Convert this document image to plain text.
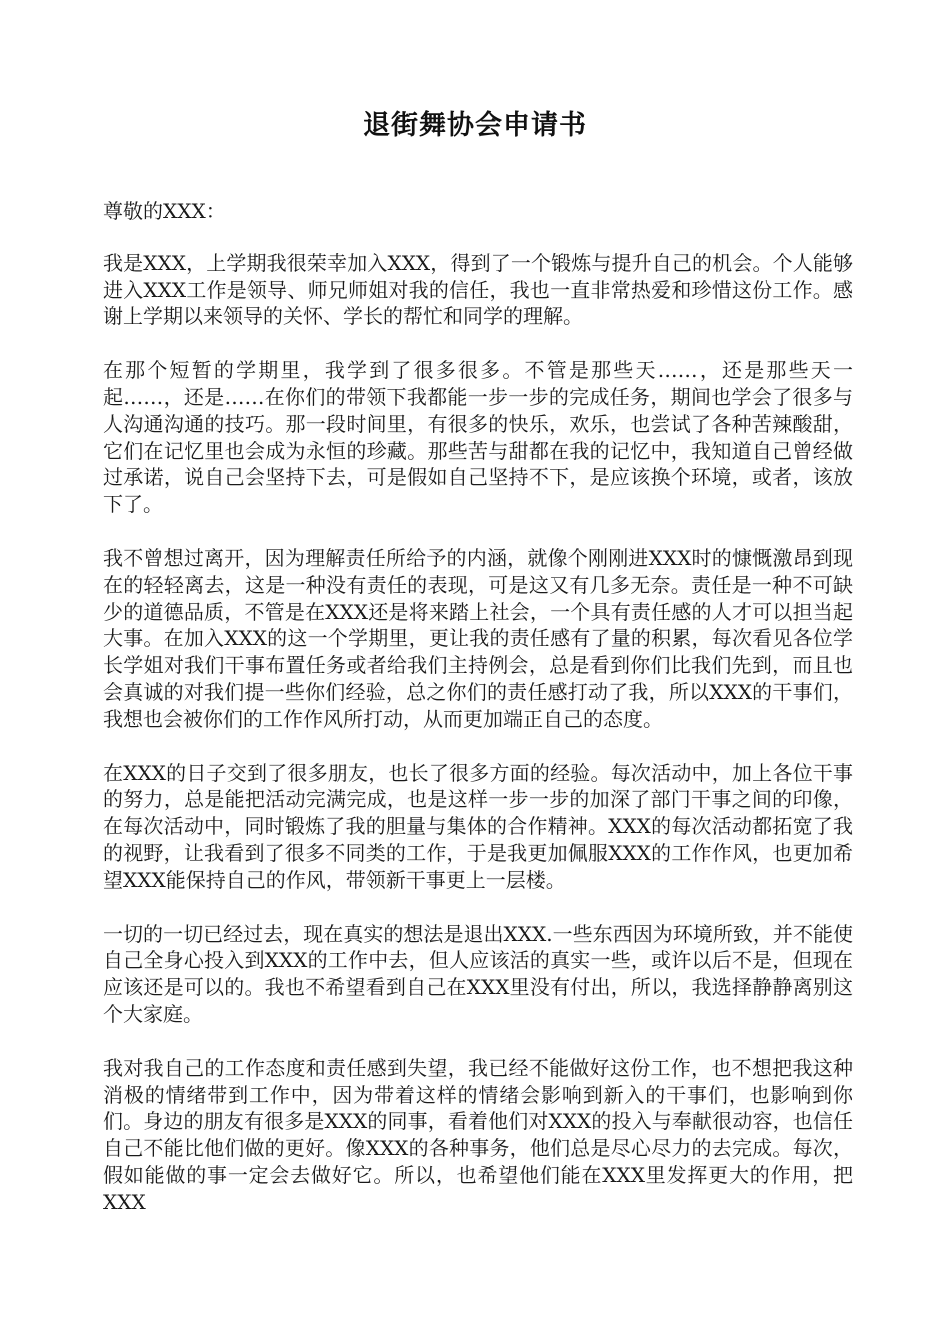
退街舞协会申请书

尊敬的XXX：

我是XXX，上学期我很荣幸加入XXX，得到了一个锻炼与提升自己的机会。个人能够进入XXX工作是领导、师兄师姐对我的信任，我也一直非常热爱和珍惜这份工作。感谢上学期以来领导的关怀、学长的帮忙和同学的理解。

在那个短暂的学期里，我学到了很多很多。不管是那些天……，还是那些天一起……，还是……在你们的带领下我都能一步一步的完成任务，期间也学会了很多与人沟通沟通的技巧。那一段时间里，有很多的快乐，欢乐，也尝试了各种苦辣酸甜，它们在记忆里也会成为永恒的珍藏。那些苦与甜都在我的记忆中，我知道自己曾经做过承诺，说自己会坚持下去，可是假如自己坚持不下，是应该换个环境，或者，该放下了。

我不曾想过离开，因为理解责任所给予的内涵，就像个刚刚进XXX时的慷慨激昂到现在的轻轻离去，这是一种没有责任的表现，可是这又有几多无奈。责任是一种不可缺少的道德品质，不管是在XXX还是将来踏上社会，一个具有责任感的人才可以担当起大事。在加入XXX的这一个学期里，更让我的责任感有了量的积累，每次看见各位学长学姐对我们干事布置任务或者给我们主持例会，总是看到你们比我们先到，而且也会真诚的对我们提一些你们经验，总之你们的责任感打动了我，所以XXX的干事们，我想也会被你们的工作作风所打动，从而更加端正自己的态度。

在XXX的日子交到了很多朋友，也长了很多方面的经验。每次活动中，加上各位干事的努力，总是能把活动完满完成，也是这样一步一步的加深了部门干事之间的印像，在每次活动中，同时锻炼了我的胆量与集体的合作精神。XXX的每次活动都拓宽了我的视野，让我看到了很多不同类的工作，于是我更加佩服XXX的工作作风，也更加希望XXX能保持自己的作风，带领新干事更上一层楼。

一切的一切已经过去，现在真实的想法是退出XXX.一些东西因为环境所致，并不能使自己全身心投入到XXX的工作中去，但人应该活的真实一些，或许以后不是，但现在应该还是可以的。我也不希望看到自己在XXX里没有付出，所以，我选择静静离别这个大家庭。

我对我自己的工作态度和责任感到失望，我已经不能做好这份工作，也不想把我这种消极的情绪带到工作中，因为带着这样的情绪会影响到新入的干事们，也影响到你们。身边的朋友有很多是XXX的同事，看着他们对XXX的投入与奉献很动容，也信任自己不能比他们做的更好。像XXX的各种事务，他们总是尽心尽力的去完成。每次，假如能做的事一定会去做好它。所以，也希望他们能在XXX里发挥更大的作用，把XXX
